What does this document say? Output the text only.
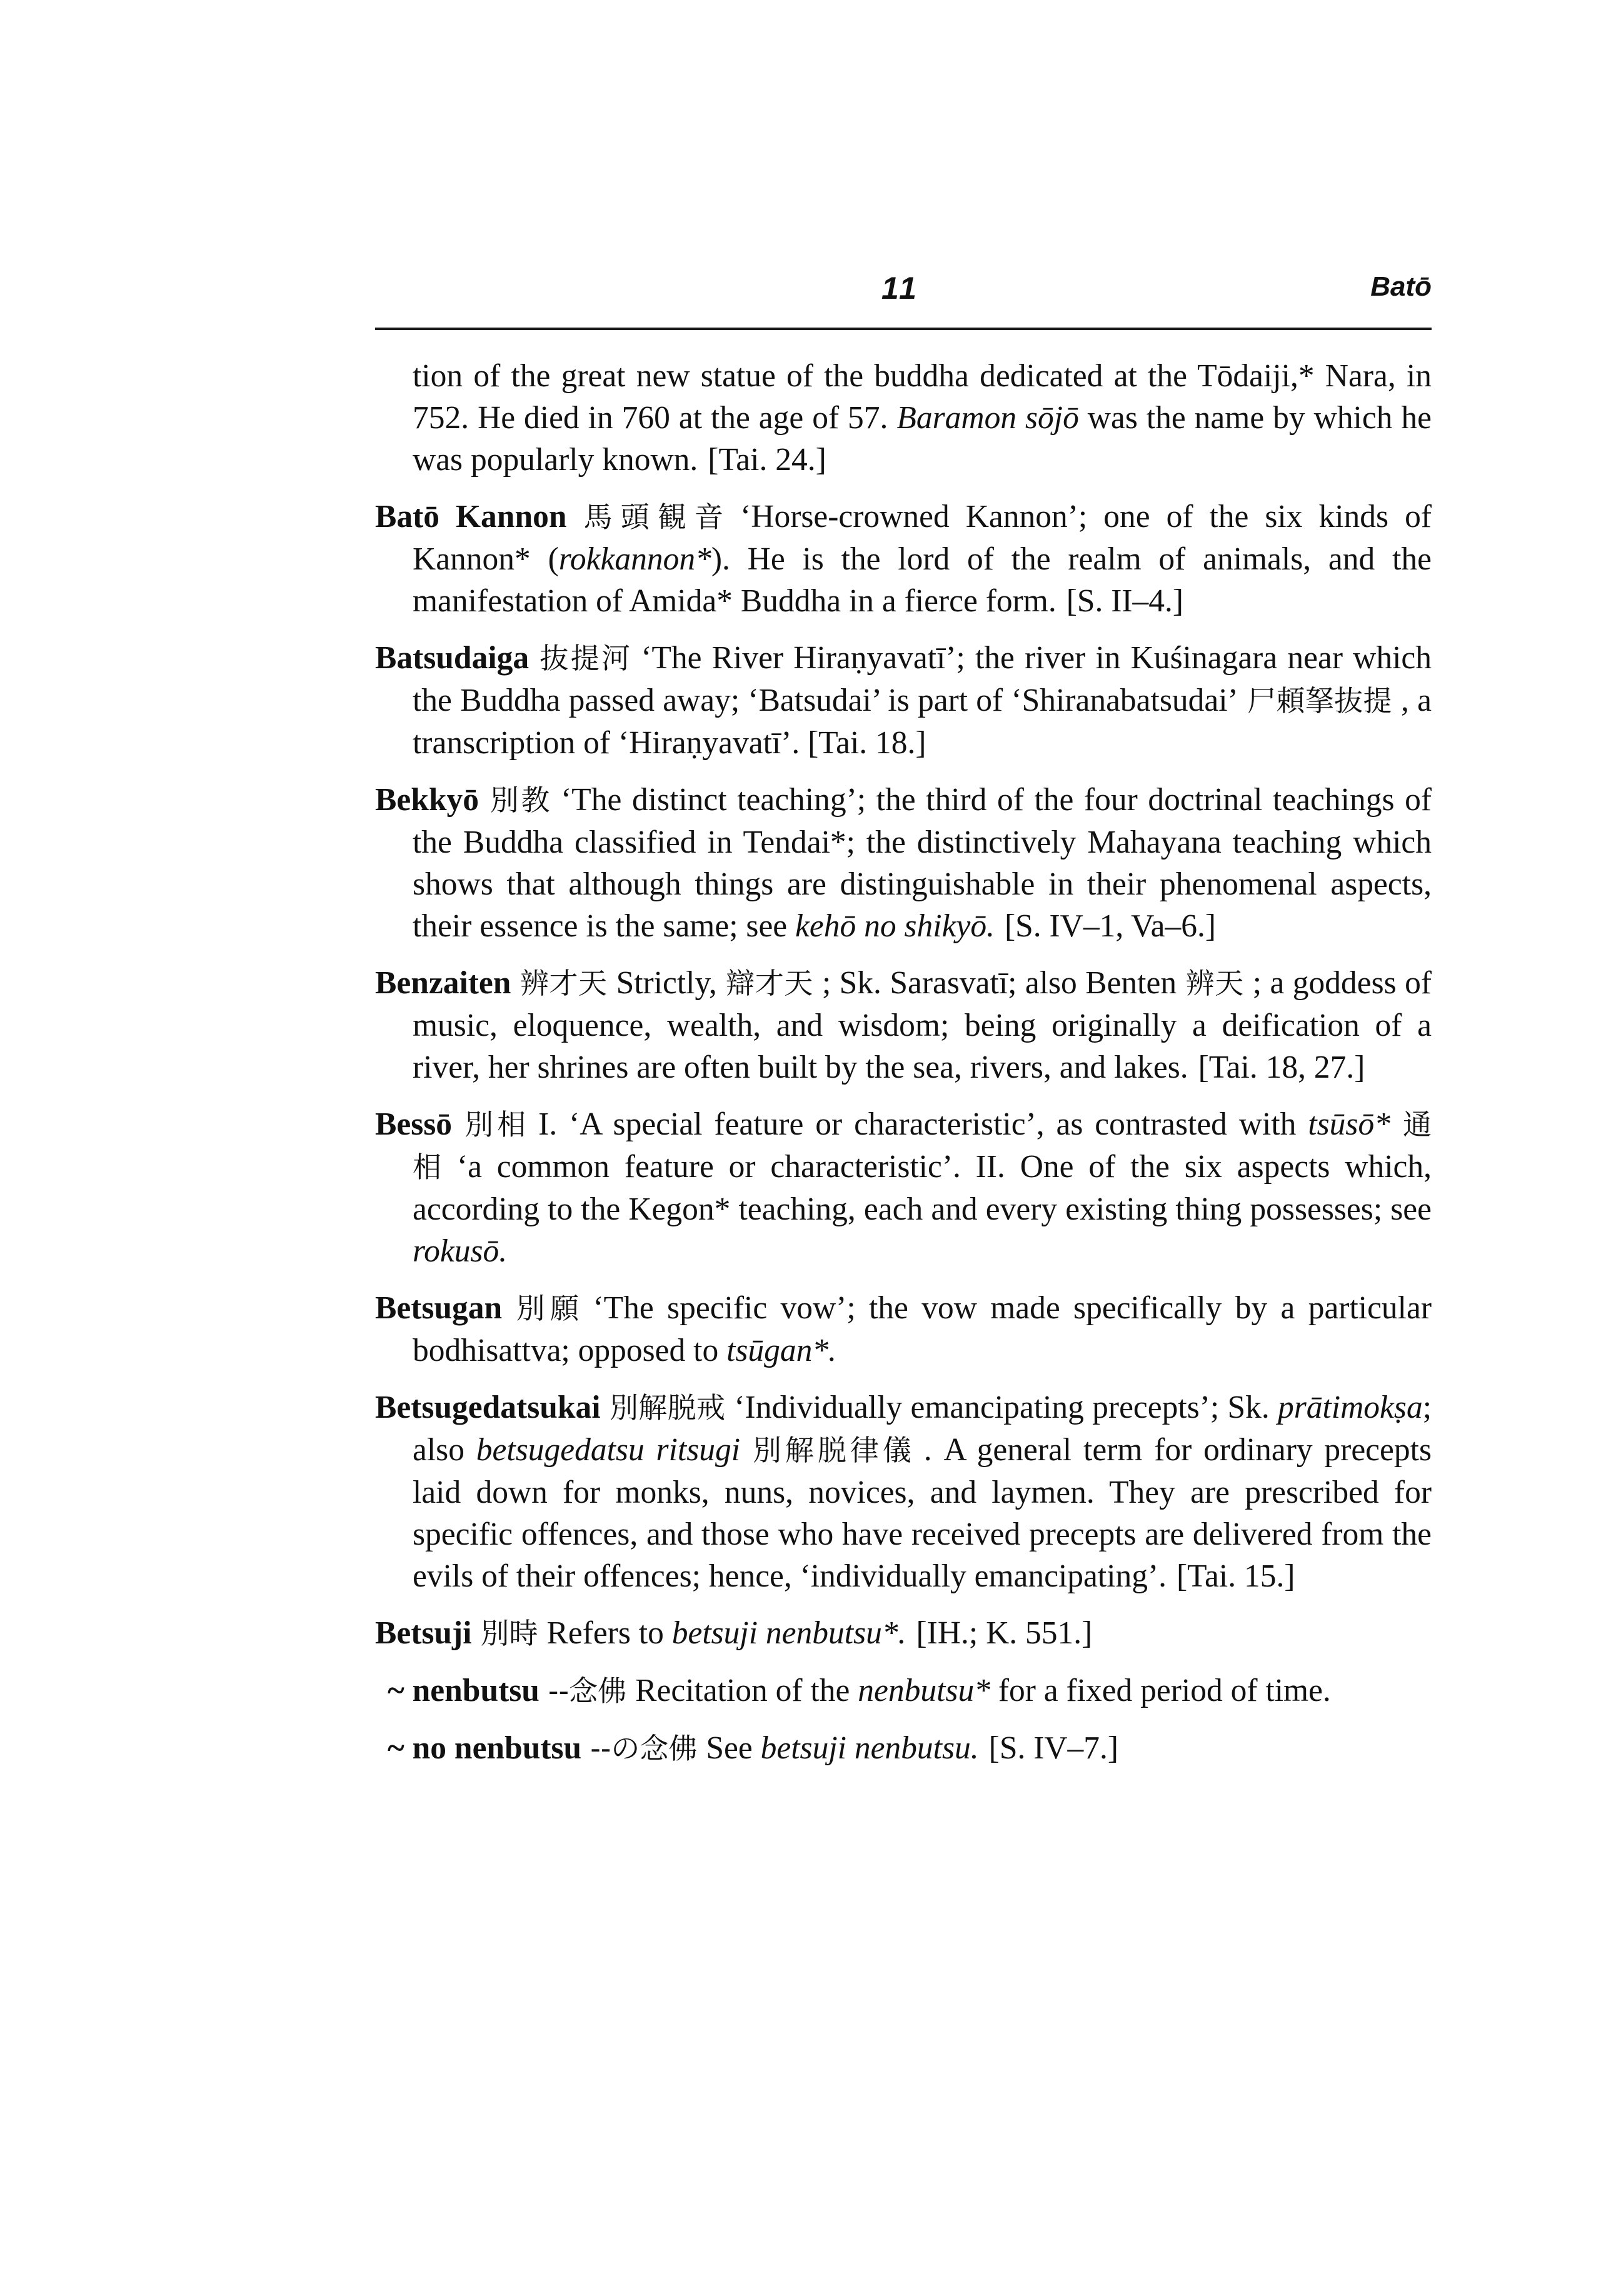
11	Batō

tion of the great new statue of the buddha dedicated at the Tōdaiji,* Nara, in 752. He died in 760 at the age of 57. Baramon sōjō was the name by which he was popularly known. [Tai. 24.]

Batō Kannon 馬頭観音 ‘Horse-crowned Kannon’; one of the six kinds of Kannon* (rokkannon*). He is the lord of the realm of animals, and the manifestation of Amida* Buddha in a fierce form. [S. II–4.]

Batsudaiga 抜提河 ‘The River Hiraṇyavatī’; the river in Kuśinagara near which the Buddha passed away; ‘Batsudai’ is part of ‘Shiranabatsudai’ 尸頼拏抜提 , a transcription of ‘Hiraṇyavatī’. [Tai. 18.]

Bekkyō 別教 ‘The distinct teaching’; the third of the four doctrinal teachings of the Buddha classified in Tendai*; the distinctively Mahayana teaching which shows that although things are distinguishable in their phenomenal aspects, their essence is the same; see kehō no shikyō. [S. IV–1, Va–6.]

Benzaiten 辨才天 Strictly, 辯才天 ; Sk. Sarasvatī; also Benten 辨天 ; a goddess of music, eloquence, wealth, and wisdom; being originally a deification of a river, her shrines are often built by the sea, rivers, and lakes. [Tai. 18, 27.]

Bessō 別相 I. ‘A special feature or characteristic’, as contrasted with tsūsō* 通相 ‘a common feature or characteristic’. II. One of the six aspects which, according to the Kegon* teaching, each and every existing thing possesses; see rokusō.

Betsugan 別願 ‘The specific vow’; the vow made specifically by a particular bodhisattva; opposed to tsūgan*.

Betsugedatsukai 別解脱戒 ‘Individually emancipating precepts’; Sk. prātimokṣa; also betsugedatsu ritsugi 別解脱律儀 . A general term for ordinary precepts laid down for monks, nuns, novices, and laymen. They are prescribed for specific offences, and those who have received precepts are delivered from the evils of their offences; hence, ‘individually emancipating’. [Tai. 15.]

Betsuji 別時 Refers to betsuji nenbutsu*. [IH.; K. 551.]

~ nenbutsu --念佛 Recitation of the nenbutsu* for a fixed period of time.

~ no nenbutsu --の念佛 See betsuji nenbutsu. [S. IV–7.]
